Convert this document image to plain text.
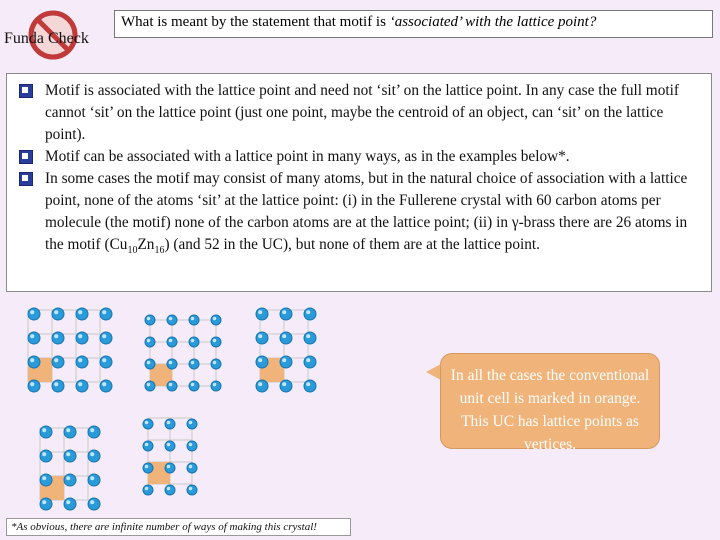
Funda Check
What is meant by the statement that motif is ‘associated’ with the lattice point?
Motif is associated with the lattice point and need not ‘sit’ on the lattice point. In any case the full motif cannot ‘sit’ on the lattice point (just one point, maybe the centroid of an object, can ‘sit’ on the lattice point).
Motif can be associated with a lattice point in many ways, as in the examples below*.
In some cases the motif may consist of many atoms, but in the natural choice of association with a lattice point, none of the atoms ‘sit’ at the lattice point: (i) in the Fullerene crystal with 60 carbon atoms per molecule (the motif) none of the carbon atoms are at the lattice point; (ii) in γ-brass there are 26 atoms in the motif $(Cu_{10}Zn_{16})$ (and 52 in the UC), but none of them are at the lattice point.
In all the cases the conventional unit cell is marked in orange. This UC has lattice points as vertices.
*As obvious, there are infinite number of ways of making this crystal!
